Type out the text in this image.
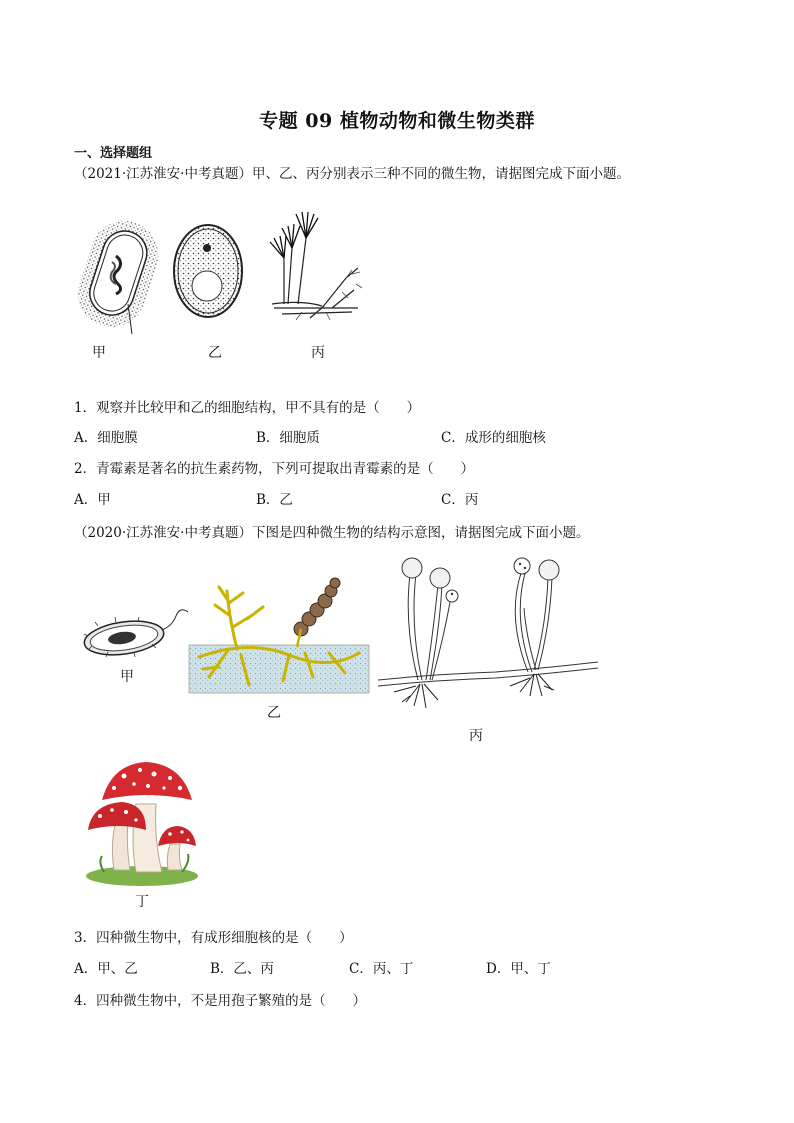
专题 09 植物动物和微生物类群
一、选择题组
（2021·江苏淮安·中考真题）甲、乙、丙分别表示三种不同的微生物，请据图完成下面小题。
甲	乙	丙
1．观察并比较甲和乙的细胞结构，甲不具有的是（　　）
A．细胞膜	B．细胞质	C．成形的细胞核
2．青霉素是著名的抗生素药物，下列可提取出青霉素的是（　　）
A．甲	B．乙	C．丙
（2020·江苏淮安·中考真题）下图是四种微生物的结构示意图，请据图完成下面小题。
甲
乙
丙
丁
3．四种微生物中，有成形细胞核的是（　　）
A．甲、乙	B．乙、丙	C．丙、丁	D．甲、丁
4．四种微生物中，不是用孢子繁殖的是（　　）
